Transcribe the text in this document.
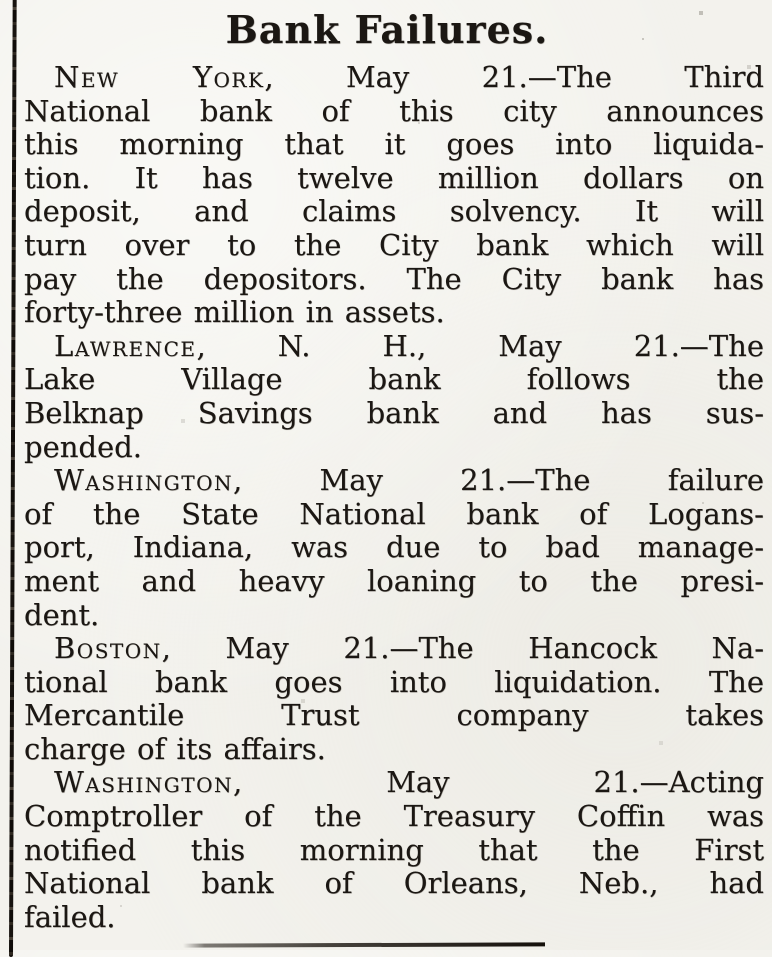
Bank Failures.

New York, May 21.—The Third

National bank of this city announces

this morning that it goes into liquida-

tion. It has twelve million dollars on

deposit, and claims solvency. It will

turn over to the City bank which will

pay the depositors. The City bank has

forty-three million in assets.

Lawrence, N. H., May 21.—The

Lake Village bank follows the

Belknap Savings bank and has sus-

pended.

Washington, May 21.—The failure

of the State National bank of Logans-

port, Indiana, was due to bad manage-

ment and heavy loaning to the presi-

dent.

Boston, May 21.—The Hancock Na-

tional bank goes into liquidation. The

Mercantile Trust company takes

charge of its affairs.

Washington, May 21.—Acting

Comptroller of the Treasury Coffin was

notified this morning that the First

National bank of Orleans, Neb., had

failed.
